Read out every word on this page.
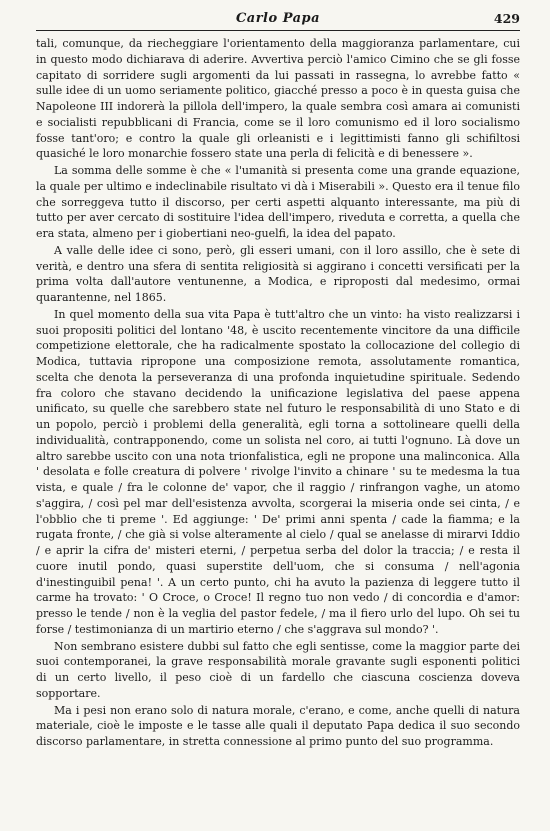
Carlo Papa	429

tali, comunque, da riecheggiare l'orientamento della maggioranza parlamentare, cui in questo modo dichiarava di aderire. Avvertiva perciò l'amico Cimino che se gli fosse capitato di sorridere sugli argomenti da lui passati in rassegna, lo avrebbe fatto « sulle idee di un uomo seriamente politico, giacché presso a poco è in questa guisa che Napoleone III indorerà la pillola dell'impero, la quale sembra così amara ai comunisti e socialisti repubblicani di Francia, come se il loro comunismo ed il loro socialismo fosse tant'oro; e contro la quale gli orleanisti e i legittimisti fanno gli schifiltosi quasiché le loro monarchie fossero state una perla di felicità e di benessere ».

La somma delle somme è che « l'umanità si presenta come una grande equazione, la quale per ultimo e indeclinabile risultato vi dà i Miserabili ». Questo era il tenue filo che sorreggeva tutto il discorso, per certi aspetti alquanto interessante, ma più di tutto per aver cercato di sostituire l'idea dell'impero, riveduta e corretta, a quella che era stata, almeno per i giobertiani neo-guelfi, la idea del papato.

A valle delle idee ci sono, però, gli esseri umani, con il loro assillo, che è sete di verità, e dentro una sfera di sentita religiosità si aggirano i concetti versificati per la prima volta dall'autore ventunenne, a Modica, e riproposti dal medesimo, ormai quarantenne, nel 1865.

In quel momento della sua vita Papa è tutt'altro che un vinto: ha visto realizzarsi i suoi propositi politici del lontano '48, è uscito recentemente vincitore da una difficile competizione elettorale, che ha radicalmente spostato la collocazione del collegio di Modica, tuttavia ripropone una composizione remota, assolutamente romantica, scelta che denota la perseveranza di una profonda inquietudine spirituale. Sedendo fra coloro che stavano decidendo la unificazione legislativa del paese appena unificato, su quelle che sarebbero state nel futuro le responsabilità di uno Stato e di un popolo, perciò i problemi della generalità, egli torna a sottolineare quelli della individualità, contrapponendo, come un solista nel coro, ai tutti l'ognuno. Là dove un altro sarebbe uscito con una nota trionfalistica, egli ne propone una malinconica. Alla ' desolata e folle creatura di polvere ' rivolge l'invito a chinare ' su te medesma la tua vista, e quale / fra le colonne de' vapor, che il raggio / rinfrangon vaghe, un atomo s'aggira, / così pel mar dell'esistenza avvolta, scorgerai la miseria onde sei cinta, / e l'obblio che ti preme '. Ed aggiunge: ' De' primi anni spenta / cade la fiamma; e la rugata fronte, / che già si volse alteramente al cielo / qual se anelasse di mirarvi Iddio / e aprir la cifra de' misteri eterni, / perpetua serba del dolor la traccia; / e resta il cuore inutil pondo, quasi superstite dell'uom, che si consuma / nell'agonia d'inestinguibil pena! '. A un certo punto, chi ha avuto la pazienza di leggere tutto il carme ha trovato: ' O Croce, o Croce! Il regno tuo non vedo / di concordia e d'amor: presso le tende / non è la veglia del pastor fedele, / ma il fiero urlo del lupo. Oh sei tu forse / testimonianza di un martirio eterno / che s'aggrava sul mondo? '.

Non sembrano esistere dubbi sul fatto che egli sentisse, come la maggior parte dei suoi contemporanei, la grave responsabilità morale gravante sugli esponenti politici di un certo livello, il peso cioè di un fardello che ciascuna coscienza doveva sopportare.

Ma i pesi non erano solo di natura morale, c'erano, e come, anche quelli di natura materiale, cioè le imposte e le tasse alle quali il deputato Papa dedica il suo secondo discorso parlamentare, in stretta connessione al primo punto del suo programma.
